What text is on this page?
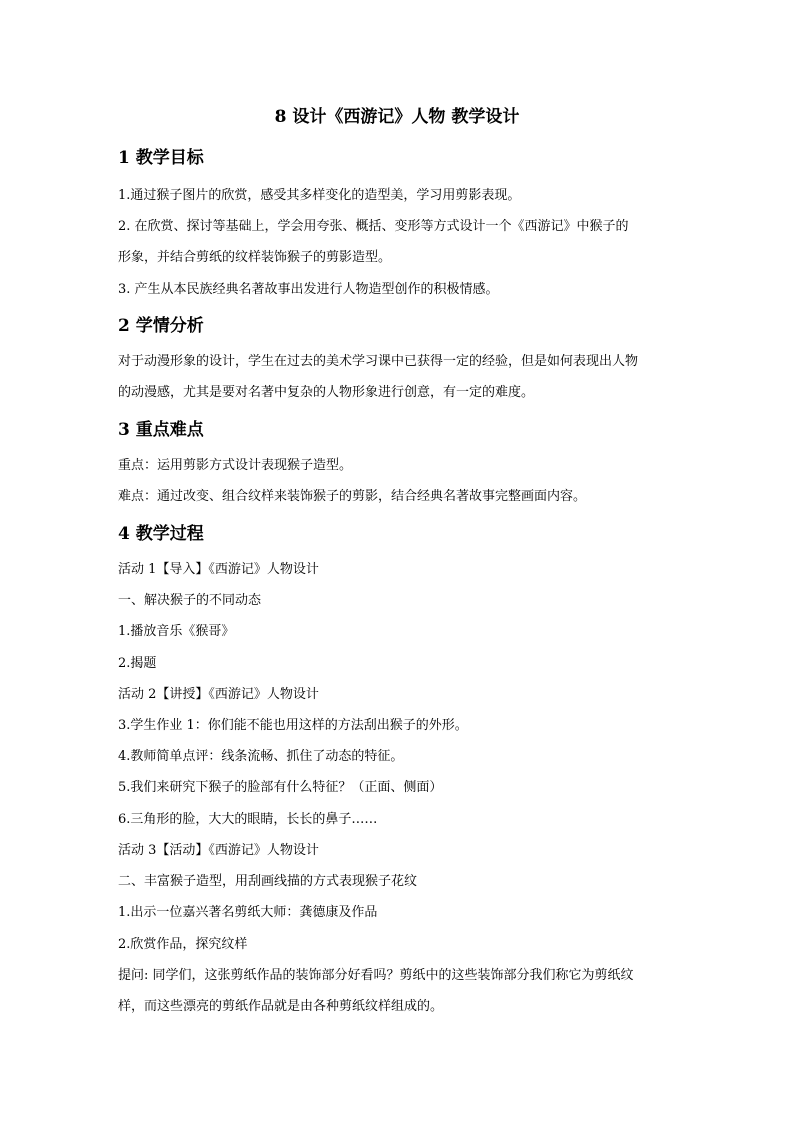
8 设计《西游记》人物 教学设计
1 教学目标
1.通过猴子图片的欣赏，感受其多样变化的造型美，学习用剪影表现。
2. 在欣赏、探讨等基础上，学会用夸张、概括、变形等方式设计一个《西游记》中猴子的
形象，并结合剪纸的纹样装饰猴子的剪影造型。
3. 产生从本民族经典名著故事出发进行人物造型创作的积极情感。
2 学情分析
对于动漫形象的设计，学生在过去的美术学习课中已获得一定的经验，但是如何表现出人物
的动漫感，尤其是要对名著中复杂的人物形象进行创意，有一定的难度。
3 重点难点
重点：运用剪影方式设计表现猴子造型。
难点：通过改变、组合纹样来装饰猴子的剪影，结合经典名著故事完整画面内容。
4 教学过程
活动 1【导入】《西游记》人物设计
一、解决猴子的不同动态
1.播放音乐《猴哥》
2.揭题
活动 2【讲授】《西游记》人物设计
3.学生作业 1：你们能不能也用这样的方法刮出猴子的外形。
4.教师简单点评：线条流畅、抓住了动态的特征。
5.我们来研究下猴子的脸部有什么特征？（正面、侧面）
6.三角形的脸，大大的眼睛，长长的鼻子……
活动 3【活动】《西游记》人物设计
二、丰富猴子造型，用刮画线描的方式表现猴子花纹
1.出示一位嘉兴著名剪纸大师：龚德康及作品
2.欣赏作品，探究纹样
提问: 同学们，这张剪纸作品的装饰部分好看吗？剪纸中的这些装饰部分我们称它为剪纸纹
样，而这些漂亮的剪纸作品就是由各种剪纸纹样组成的。
